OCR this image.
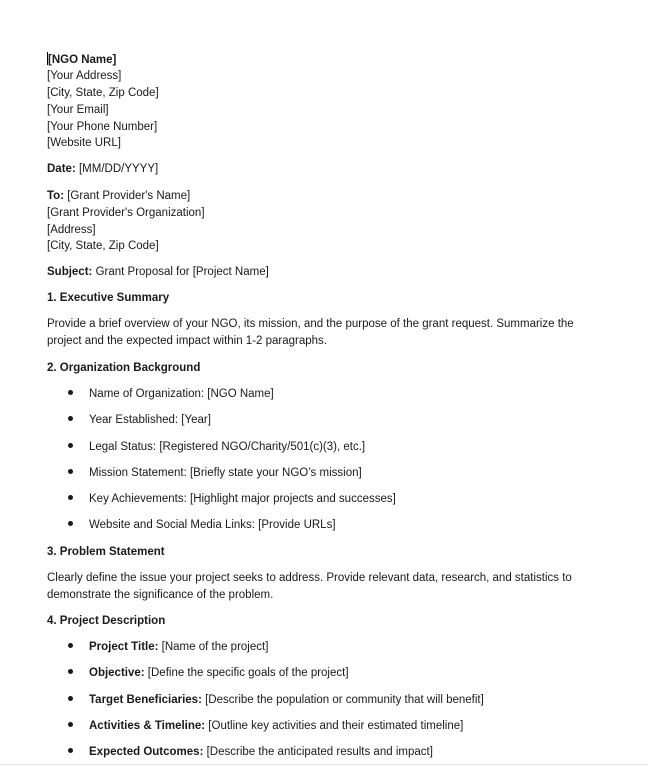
[NGO Name]
[Your Address]
[City, State, Zip Code]
[Your Email]
[Your Phone Number]
[Website URL]
Date: [MM/DD/YYYY]
To: [Grant Provider's Name]
[Grant Provider's Organization]
[Address]
[City, State, Zip Code]
Subject: Grant Proposal for [Project Name]
1. Executive Summary
Provide a brief overview of your NGO, its mission, and the purpose of the grant request. Summarize the project and the expected impact within 1-2 paragraphs.
2. Organization Background
Name of Organization: [NGO Name]
Year Established: [Year]
Legal Status: [Registered NGO/Charity/501(c)(3), etc.]
Mission Statement: [Briefly state your NGO’s mission]
Key Achievements: [Highlight major projects and successes]
Website and Social Media Links: [Provide URLs]
3. Problem Statement
Clearly define the issue your project seeks to address. Provide relevant data, research, and statistics to demonstrate the significance of the problem.
4. Project Description
Project Title: [Name of the project]
Objective: [Define the specific goals of the project]
Target Beneficiaries: [Describe the population or community that will benefit]
Activities & Timeline: [Outline key activities and their estimated timeline]
Expected Outcomes: [Describe the anticipated results and impact]
